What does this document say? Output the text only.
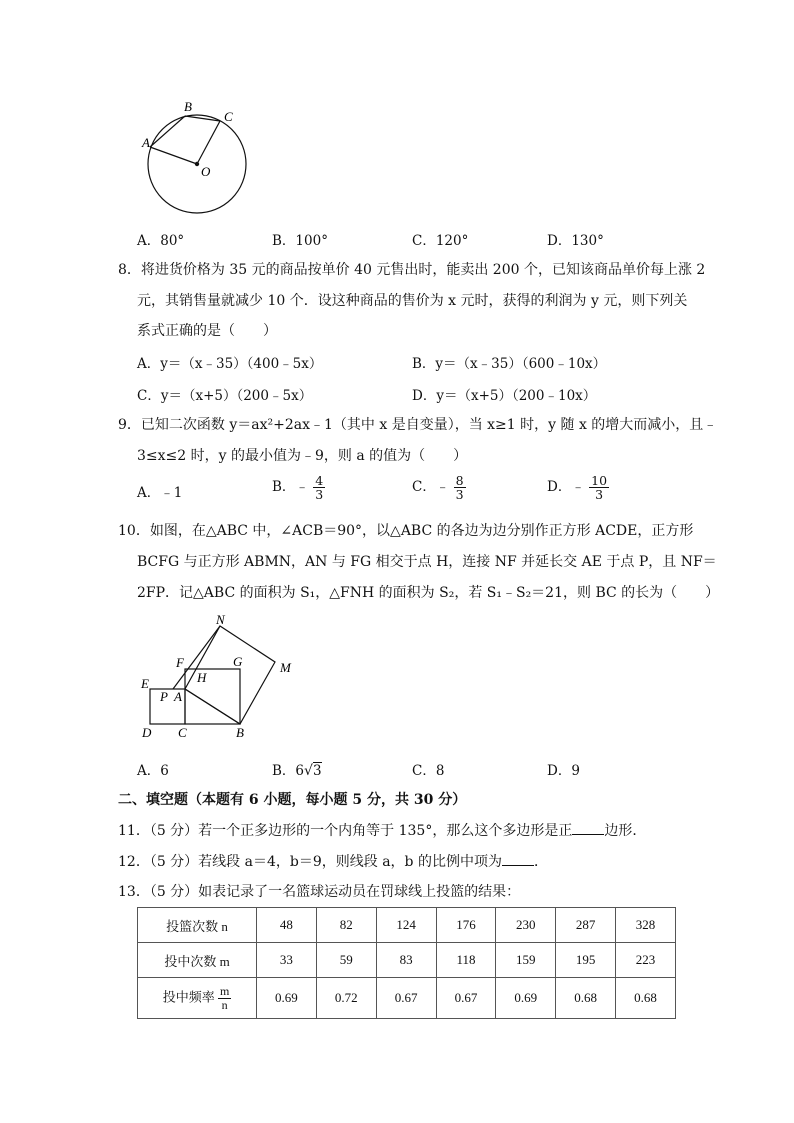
A
B
C
O
A．80°	B．100°	C．120°	D．130°
8．将进货价格为 35 元的商品按单价 40 元售出时，能卖出 200 个，已知该商品单价每上涨 2
元，其销售量就减少 10 个．设这种商品的售价为 x 元时，获得的利润为 y 元，则下列关
系式正确的是（　　）
A．y＝（x﹣35）（400﹣5x）	B．y＝（x﹣35）（600﹣10x）
C．y＝（x+5）（200﹣5x）	D．y＝（x+5）（200﹣10x）
9．已知二次函数 y＝ax²+2ax﹣1（其中 x 是自变量），当 x≥1 时，y 随 x 的增大而减小，且﹣
3≤x≤2 时，y 的最小值为﹣9，则 a 的值为（　　）
A．﹣1	B．﹣ $\frac{4}{3}$	C．﹣ $\frac{8}{3}$	D．﹣ $\frac{10}{3}$
10．如图，在△ABC 中，∠ACB＝90°，以△ABC 的各边为边分别作正方形 ACDE，正方形
BCFG 与正方形 ABMN，AN 与 FG 相交于点 H，连接 NF 并延长交 AE 于点 P，且 NF＝
2FP．记△ABC 的面积为 S₁，△FNH 的面积为 S₂，若 S₁﹣S₂＝21，则 BC 的长为（　　）
N
F	G	M
E	H
P A
D C	B
A．6	B．6√3	C．8	D．9
二、填空题（本题有 6 小题，每小题 5 分，共 30 分）
11．（5 分）若一个正多边形的一个内角等于 135°，那么这个多边形是正 边形．
12．（5 分）若线段 a＝4，b＝9，则线段 a，b 的比例中项为 ．
13．（5 分）如表记录了一名篮球运动员在罚球线上投篮的结果：
投篮次数 n	48	82	124	176	230	287	328
投中次数 m	33	59	83	118	159	195	223
投中频率 $\frac{m}{n}$	0.69	0.72	0.67	0.67	0.69	0.68	0.68
